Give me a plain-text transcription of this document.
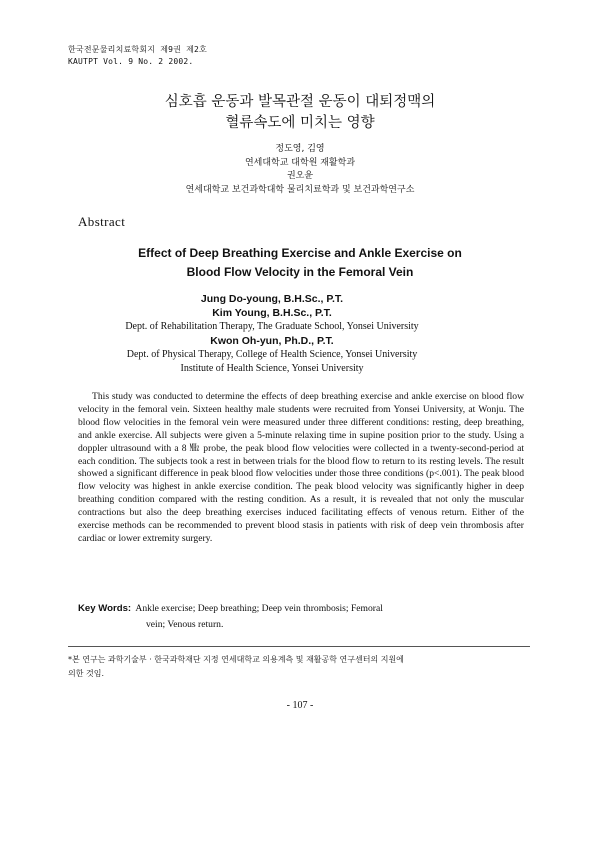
한국전문물리치료학회지 제9권 제2호
KAUTPT Vol. 9 No. 2 2002.
심호흡 운동과 발목관절 운동이 대퇴정맥의
혈류속도에 미치는 영향
정도영, 김영
연세대학교 대학원 재활학과
권오윤
연세대학교 보건과학대학 물리치료학과 및 보건과학연구소
Abstract
Effect of Deep Breathing Exercise and Ankle Exercise on
Blood Flow Velocity in the Femoral Vein
Jung Do-young, B.H.Sc., P.T.
Kim Young, B.H.Sc., P.T.
Dept. of Rehabilitation Therapy, The Graduate School, Yonsei University
Kwon Oh-yun, Ph.D., P.T.
Dept. of Physical Therapy, College of Health Science, Yonsei University
Institute of Health Science, Yonsei University

This study was conducted to determine the effects of deep breathing exercise and ankle exercise on blood flow velocity in the femoral vein. Sixteen healthy male students were recruited from Yonsei University, at Wonju. The blood flow velocities in the femoral vein were measured under three different conditions: resting, deep breathing, and ankle exercise. All subjects were given a 5-minute relaxing time in supine position prior to the study. Using a doppler ultrasound with a 8 ㎒ probe, the peak blood flow velocities were collected in a twenty-second-period at each condition. The subjects took a rest in between trials for the blood flow to return to its resting levels. The result showed a significant difference in peak blood flow velocities under those three conditions (p<.001). The peak blood flow velocity was highest in ankle exercise condition. The peak blood velocity was significantly higher in deep breathing condition compared with the resting condition. As a result, it is revealed that not only the muscular contractions but also the deep breathing exercises induced facilitating effects of venous return. Either of the exercise methods can be recommended to prevent blood stasis in patients with risk of deep vein thrombosis after cardiac or lower extremity surgery.

Key Words: Ankle exercise; Deep breathing; Deep vein thrombosis; Femoral
vein; Venous return.
*본 연구는 과학기술부 · 한국과학재단 지정 연세대학교 의용계측 및 재활공학 연구센터의 지원에
의한 것임.
- 107 -
